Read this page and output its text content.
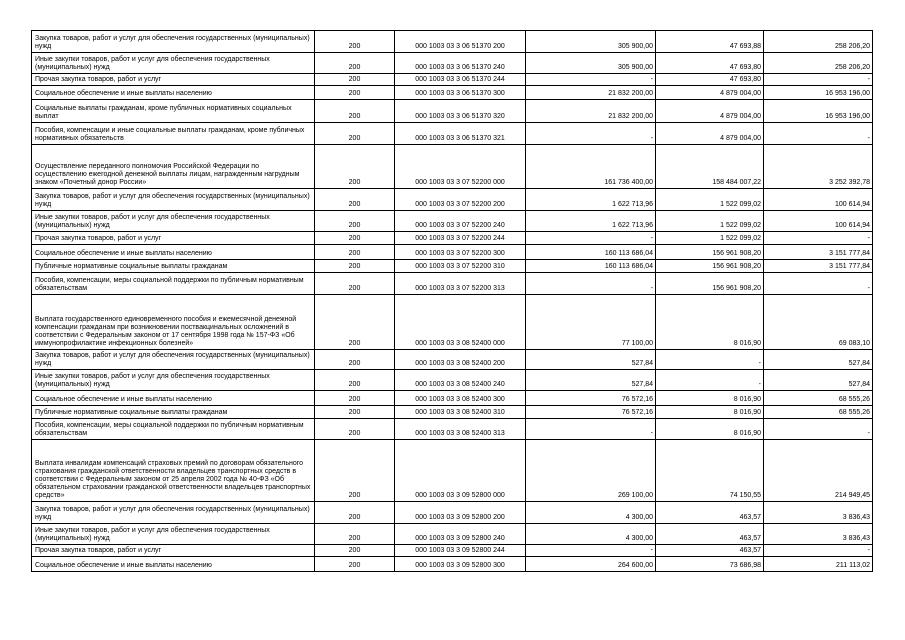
Закупка товаров, работ и услуг для обеспечения государственных (муниципальных) нужд	200	000 1003 03 3 06 51370 200	305 900,00	47 693,88	258 206,20
Иные закупки товаров, работ и услуг для обеспечения государственных (муниципальных) нужд	200	000 1003 03 3 06 51370 240	305 900,00	47 693,80	258 206,20
Прочая закупка товаров, работ и услуг	200	000 1003 03 3 06 51370 244	-	47 693,80	-
Социальное обеспечение и иные выплаты населению	200	000 1003 03 3 06 51370 300	21 832 200,00	4 879 004,00	16 953 196,00
Социальные выплаты гражданам, кроме публичных нормативных социальных выплат	200	000 1003 03 3 06 51370 320	21 832 200,00	4 879 004,00	16 953 196,00
Пособия, компенсации и иные социальные выплаты гражданам, кроме публичных нормативных обязательств	200	000 1003 03 3 06 51370 321	-	4 879 004,00	-
Осуществление переданного полномочия Российской Федерации по осуществлению ежегодной денежной выплаты лицам, награжденным нагрудным знаком «Почетный донор России»	200	000 1003 03 3 07 52200 000	161 736 400,00	158 484 007,22	3 252 392,78
Закупка товаров, работ и услуг для обеспечения государственных (муниципальных) нужд	200	000 1003 03 3 07 52200 200	1 622 713,96	1 522 099,02	100 614,94
Иные закупки товаров, работ и услуг для обеспечения государственных (муниципальных) нужд	200	000 1003 03 3 07 52200 240	1 622 713,96	1 522 099,02	100 614,94
Прочая закупка товаров, работ и услуг	200	000 1003 03 3 07 52200 244	-	1 522 099,02	-
Социальное обеспечение и иные выплаты населению	200	000 1003 03 3 07 52200 300	160 113 686,04	156 961 908,20	3 151 777,84
Публичные нормативные социальные выплаты гражданам	200	000 1003 03 3 07 52200 310	160 113 686,04	156 961 908,20	3 151 777,84
Пособия, компенсации, меры социальной поддержки по публичным нормативным обязательствам	200	000 1003 03 3 07 52200 313	-	156 961 908,20	-
Выплата государственного единовременного пособия и ежемесячной денежной компенсации гражданам при возникновении поствакцинальных осложнений в соответствии с Федеральным законом от 17 сентября 1998 года № 157-ФЗ «Об иммунопрофилактике инфекционных болезней»	200	000 1003 03 3 08 52400 000	77 100,00	8 016,90	69 083,10
Закупка товаров, работ и услуг для обеспечения государственных (муниципальных) нужд	200	000 1003 03 3 08 52400 200	527,84	-	527,84
Иные закупки товаров, работ и услуг для обеспечения государственных (муниципальных) нужд	200	000 1003 03 3 08 52400 240	527,84	-	527,84
Социальное обеспечение и иные выплаты населению	200	000 1003 03 3 08 52400 300	76 572,16	8 016,90	68 555,26
Публичные нормативные социальные выплаты гражданам	200	000 1003 03 3 08 52400 310	76 572,16	8 016,90	68 555,26
Пособия, компенсации, меры социальной поддержки по публичным нормативным обязательствам	200	000 1003 03 3 08 52400 313	-	8 016,90	-
Выплата инвалидам компенсаций страховых премий по договорам обязательного страхования гражданской ответственности владельцев транспортных средств в соответствии с Федеральным законом от 25 апреля 2002 года № 40-ФЗ «Об обязательном страховании гражданской ответственности владельцев транспортных средств»	200	000 1003 03 3 09 52800 000	269 100,00	74 150,55	214 949,45
Закупка товаров, работ и услуг для обеспечения государственных (муниципальных) нужд	200	000 1003 03 3 09 52800 200	4 300,00	463,57	3 836,43
Иные закупки товаров, работ и услуг для обеспечения государственных (муниципальных) нужд	200	000 1003 03 3 09 52800 240	4 300,00	463,57	3 836,43
Прочая закупка товаров, работ и услуг	200	000 1003 03 3 09 52800 244	-	463,57	-
Социальное обеспечение и иные выплаты населению	200	000 1003 03 3 09 52800 300	264 600,00	73 686,98	211 113,02
